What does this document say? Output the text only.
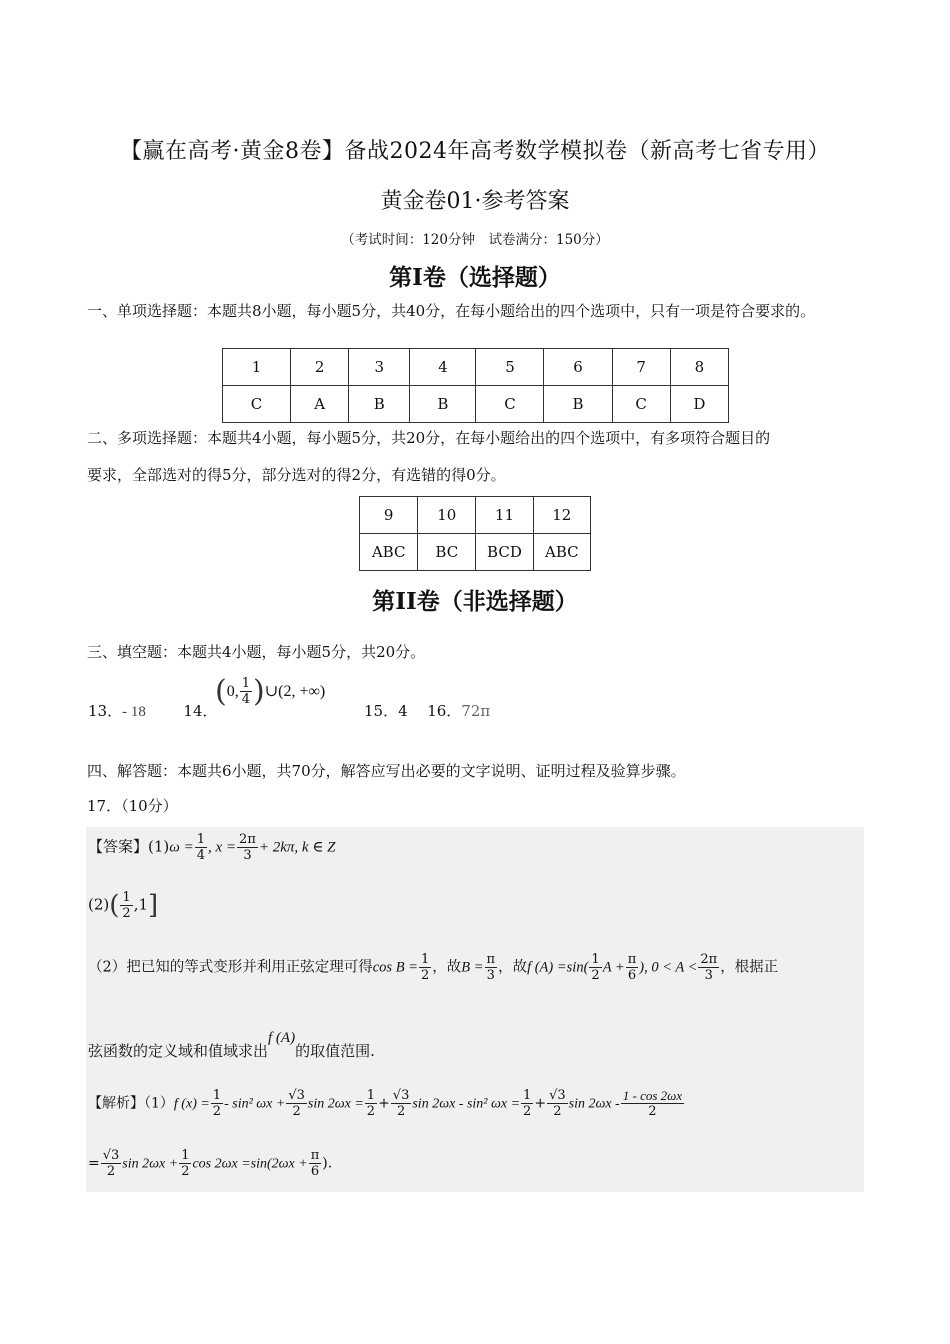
【赢在高考·黄金8卷】备战2024年高考数学模拟卷（新高考七省专用）
黄金卷01·参考答案
（考试时间：120分钟　试卷满分：150分）
第I卷（选择题）
一、单项选择题：本题共8小题，每小题5分，共40分，在每小题给出的四个选项中，只有一项是符合要求的。
1	2	3	4	5	6	7	8
C	A	B	B	C	B	C	D
二、多项选择题：本题共4小题，每小题5分，共20分，在每小题给出的四个选项中，有多项符合题目的
要求，全部选对的得5分，部分选对的得2分，有选错的得0分。
9	10	11	12
ABC	BC	BCD	ABC
第II卷（非选择题）
三、填空题：本题共4小题，每小题5分，共20分。
13．- 18	14．
(0, $\frac{1}{4}$ )∪(2, +∞)
15．4 16．72π
四、解答题：本题共6小题，共70分，解答应写出必要的文字说明、证明过程及验算步骤。
17．（10分）
【答案】$(1)\omega = \frac{1}{4}$ , $x = \frac{2\pi}{3} + 2k\pi$, k ∈ Z
$(2)( \frac{1}{2} ,1]$
（2）把已知的等式变形并利用正弦定理可得$\cos B = \frac{1}{2}$ ，故$B = \frac{\pi}{3}$ ，故f $(A) =\sin( \frac{1}{2}$ $A + \frac{\pi}{6}$ ), $0 < A < \frac{2\pi}{3}$ ，根据正
弦函数的定义域和值域求出f (A)的取值范围.
【解析】（1）f $(x) = \frac{1}{2} - \sin^2$ $\omega x + \frac{√3}{2}$ $\sin 2\omega x = \frac{1}{2} + \frac{√3}{2}$ sin 2ωx - sin² $\omega x = \frac{1}{2} + \frac{√3}{2}$ $\sin 2\omega x - \frac{1 - \cos 2\omega x}{2}$
= $\frac{√3}{2}$ $\sin 2\omega x + \frac{1}{2}$ $\cos 2\omega x =\sin(2\omega x + \frac{\pi}{6}$ ).
